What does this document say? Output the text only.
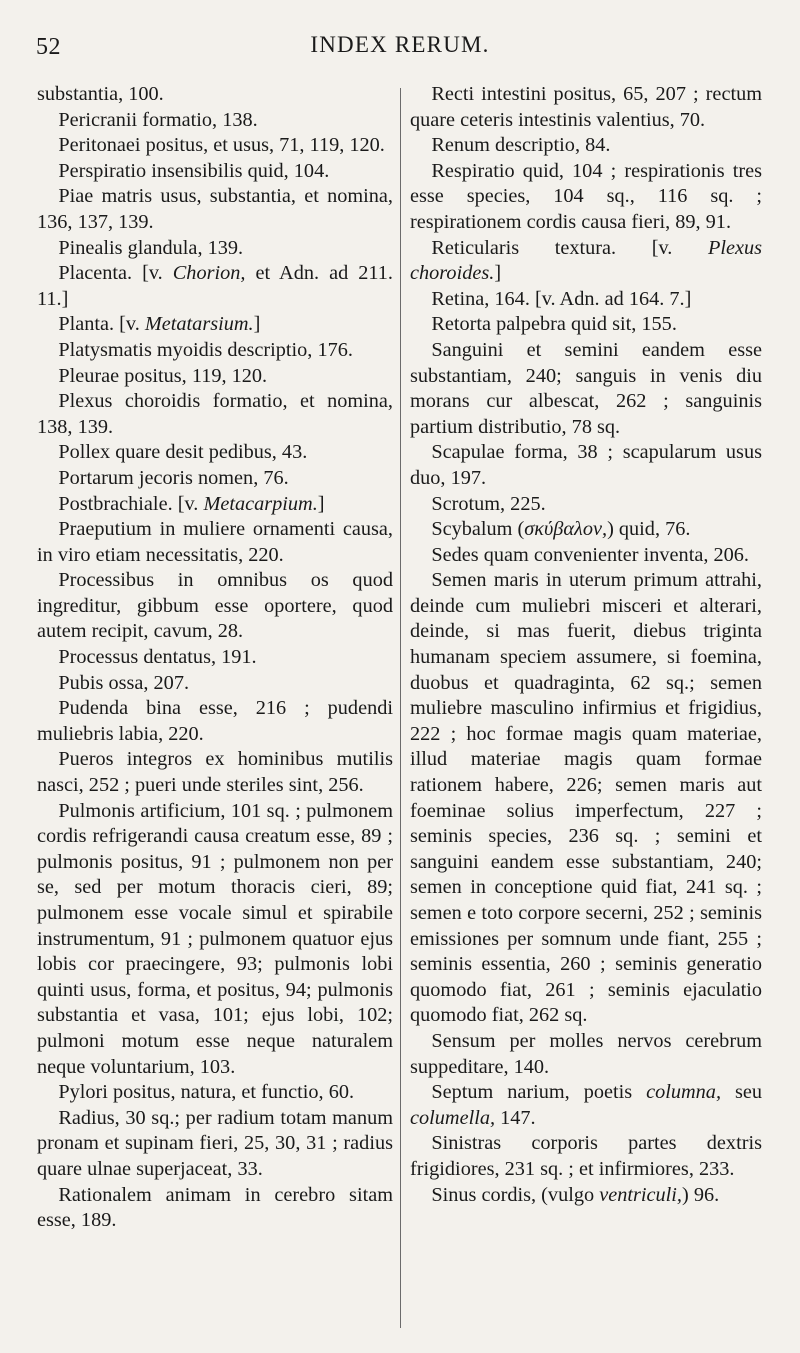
52	INDEX RERUM.

substantia, 100.

Pericranii formatio, 138.

Peritonaei positus, et usus, 71, 119, 120.

Perspiratio insensibilis quid, 104.

Piae matris usus, substantia, et nomina, 136, 137, 139.

Pinealis glandula, 139.

Placenta. [v. Chorion, et Adn. ad 211. 11.]

Planta. [v. Metatarsium.]

Platysmatis myoidis descriptio, 176.

Pleurae positus, 119, 120.

Plexus choroidis formatio, et nomina, 138, 139.

Pollex quare desit pedibus, 43.

Portarum jecoris nomen, 76.

Postbrachiale. [v. Metacarpium.]

Praeputium in muliere ornamenti causa, in viro etiam necessitatis, 220.

Processibus in omnibus os quod ingreditur, gibbum esse oportere, quod autem recipit, cavum, 28.

Processus dentatus, 191.

Pubis ossa, 207.

Pudenda bina esse, 216 ; pudendi muliebris labia, 220.

Pueros integros ex hominibus mutilis nasci, 252 ; pueri unde steriles sint, 256.

Pulmonis artificium, 101 sq. ; pulmonem cordis refrigerandi causa creatum esse, 89 ; pulmonis positus, 91 ; pulmonem non per se, sed per motum thoracis cieri, 89; pulmonem esse vocale simul et spirabile instrumentum, 91 ; pulmonem quatuor ejus lobis cor praecingere, 93; pulmonis lobi quinti usus, forma, et positus, 94; pulmonis substantia et vasa, 101; ejus lobi, 102; pulmoni motum esse neque naturalem neque voluntarium, 103.

Pylori positus, natura, et functio, 60.

Radius, 30 sq.; per radium totam manum pronam et supinam fieri, 25, 30, 31 ; radius quare ulnae superjaceat, 33.

Rationalem animam in cerebro sitam esse, 189.

Recti intestini positus, 65, 207 ; rectum quare ceteris intestinis valentius, 70.

Renum descriptio, 84.

Respiratio quid, 104 ; respirationis tres esse species, 104 sq., 116 sq. ; respirationem cordis causa fieri, 89, 91.

Reticularis textura. [v. Plexus choroides.]

Retina, 164. [v. Adn. ad 164. 7.]

Retorta palpebra quid sit, 155.

Sanguini et semini eandem esse substantiam, 240; sanguis in venis diu morans cur albescat, 262 ; sanguinis partium distributio, 78 sq.

Scapulae forma, 38 ; scapularum usus duo, 197.

Scrotum, 225.

Scybalum (σκύβαλον,) quid, 76.

Sedes quam convenienter inventa, 206.

Semen maris in uterum primum attrahi, deinde cum muliebri misceri et alterari, deinde, si mas fuerit, diebus triginta humanam speciem assumere, si foemina, duobus et quadraginta, 62 sq.; semen muliebre masculino infirmius et frigidius, 222 ; hoc formae magis quam materiae, illud materiae magis quam formae rationem habere, 226; semen maris aut foeminae solius imperfectum, 227 ; seminis species, 236 sq. ; semini et sanguini eandem esse substantiam, 240; semen in conceptione quid fiat, 241 sq. ; semen e toto corpore secerni, 252 ; seminis emissiones per somnum unde fiant, 255 ; seminis essentia, 260 ; seminis generatio quomodo fiat, 261 ; seminis ejaculatio quomodo fiat, 262 sq.

Sensum per molles nervos cerebrum suppeditare, 140.

Septum narium, poetis columna, seu columella, 147.

Sinistras corporis partes dextris frigidiores, 231 sq. ; et infirmiores, 233.

Sinus cordis, (vulgo ventriculi,) 96.
